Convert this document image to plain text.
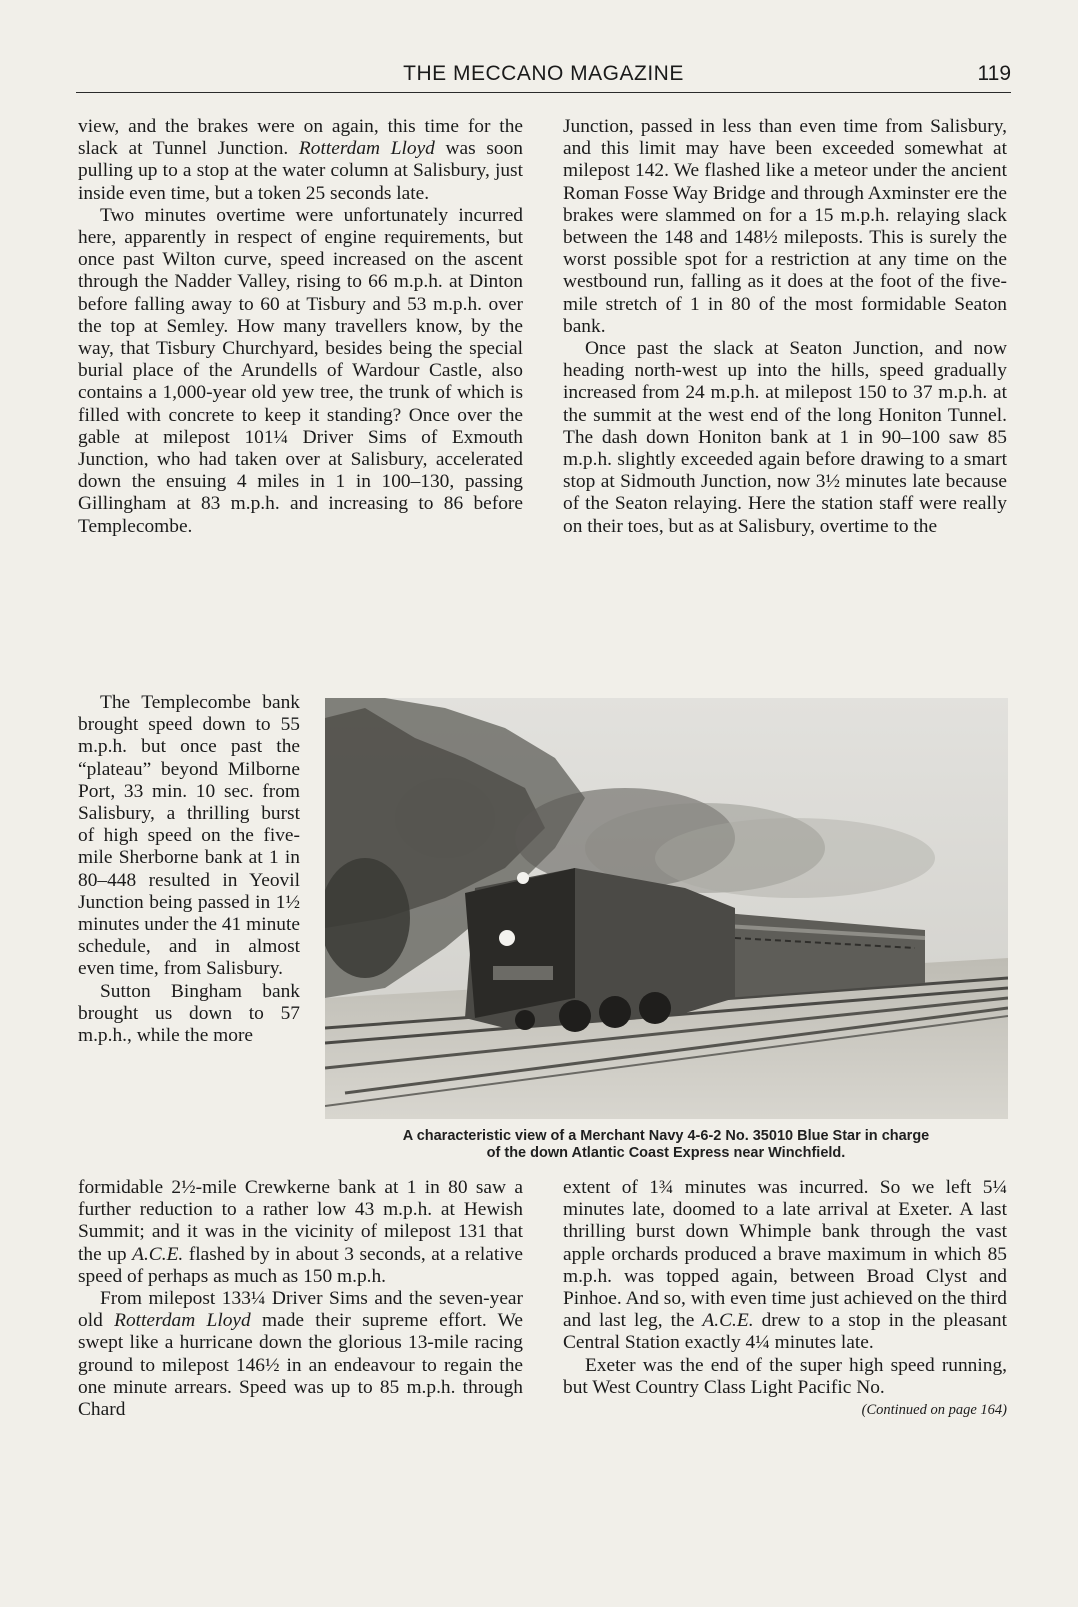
THE MECCANO MAGAZINE	119

view, and the brakes were on again, this time for the slack at Tunnel Junction. Rotterdam Lloyd was soon pulling up to a stop at the water column at Salisbury, just inside even time, but a token 25 seconds late.

Two minutes overtime were unfortunately incurred here, apparently in respect of engine requirements, but once past Wilton curve, speed increased on the ascent through the Nadder Valley, rising to 66 m.p.h. at Dinton before falling away to 60 at Tisbury and 53 m.p.h. over the top at Semley. How many travellers know, by the way, that Tisbury Churchyard, besides being the special burial place of the Arundells of Wardour Castle, also contains a 1,000-year old yew tree, the trunk of which is filled with concrete to keep it standing? Once over the gable at milepost 101¼ Driver Sims of Exmouth Junction, who had taken over at Salisbury, accelerated down the ensuing 4 miles in 1 in 100–130, passing Gillingham at 83 m.p.h. and increasing to 86 before Templecombe.

Junction, passed in less than even time from Salisbury, and this limit may have been exceeded somewhat at milepost 142. We flashed like a meteor under the ancient Roman Fosse Way Bridge and through Axminster ere the brakes were slammed on for a 15 m.p.h. relaying slack between the 148 and 148½ mileposts. This is surely the worst possible spot for a restriction at any time on the westbound run, falling as it does at the foot of the five-mile stretch of 1 in 80 of the most formidable Seaton bank.

Once past the slack at Seaton Junction, and now heading north-west up into the hills, speed gradually increased from 24 m.p.h. at milepost 150 to 37 m.p.h. at the summit at the west end of the long Honiton Tunnel. The dash down Honiton bank at 1 in 90–100 saw 85 m.p.h. slightly exceeded again before drawing to a smart stop at Sidmouth Junction, now 3½ minutes late because of the Seaton relaying. Here the station staff were really on their toes, but as at Salisbury, overtime to the

The Templecombe bank brought speed down to 55 m.p.h. but once past the “plateau” beyond Milborne Port, 33 min. 10 sec. from Salisbury, a thrilling burst of high speed on the five-mile Sherborne bank at 1 in 80–448 resulted in Yeovil Junction being passed in 1½ minutes under the 41 minute schedule, and in almost even time, from Salisbury.

Sutton Bingham bank brought us down to 57 m.p.h., while the more

A characteristic view of a Merchant Navy 4-6-2 No. 35010 Blue Star in charge
of the down Atlantic Coast Express near Winchfield.

formidable 2½-mile Crewkerne bank at 1 in 80 saw a further reduction to a rather low 43 m.p.h. at Hewish Summit; and it was in the vicinity of milepost 131 that the up A.C.E. flashed by in about 3 seconds, at a relative speed of perhaps as much as 150 m.p.h.

From milepost 133¼ Driver Sims and the seven-year old Rotterdam Lloyd made their supreme effort. We swept like a hurricane down the glorious 13-mile racing ground to milepost 146½ in an endeavour to regain the one minute arrears. Speed was up to 85 m.p.h. through Chard

extent of 1¾ minutes was incurred. So we left 5¼ minutes late, doomed to a late arrival at Exeter. A last thrilling burst down Whimple bank through the vast apple orchards produced a brave maximum in which 85 m.p.h. was topped again, between Broad Clyst and Pinhoe. And so, with even time just achieved on the third and last leg, the A.C.E. drew to a stop in the pleasant Central Station exactly 4¼ minutes late.

Exeter was the end of the super high speed running, but West Country Class Light Pacific No.
(Continued on page 164)
